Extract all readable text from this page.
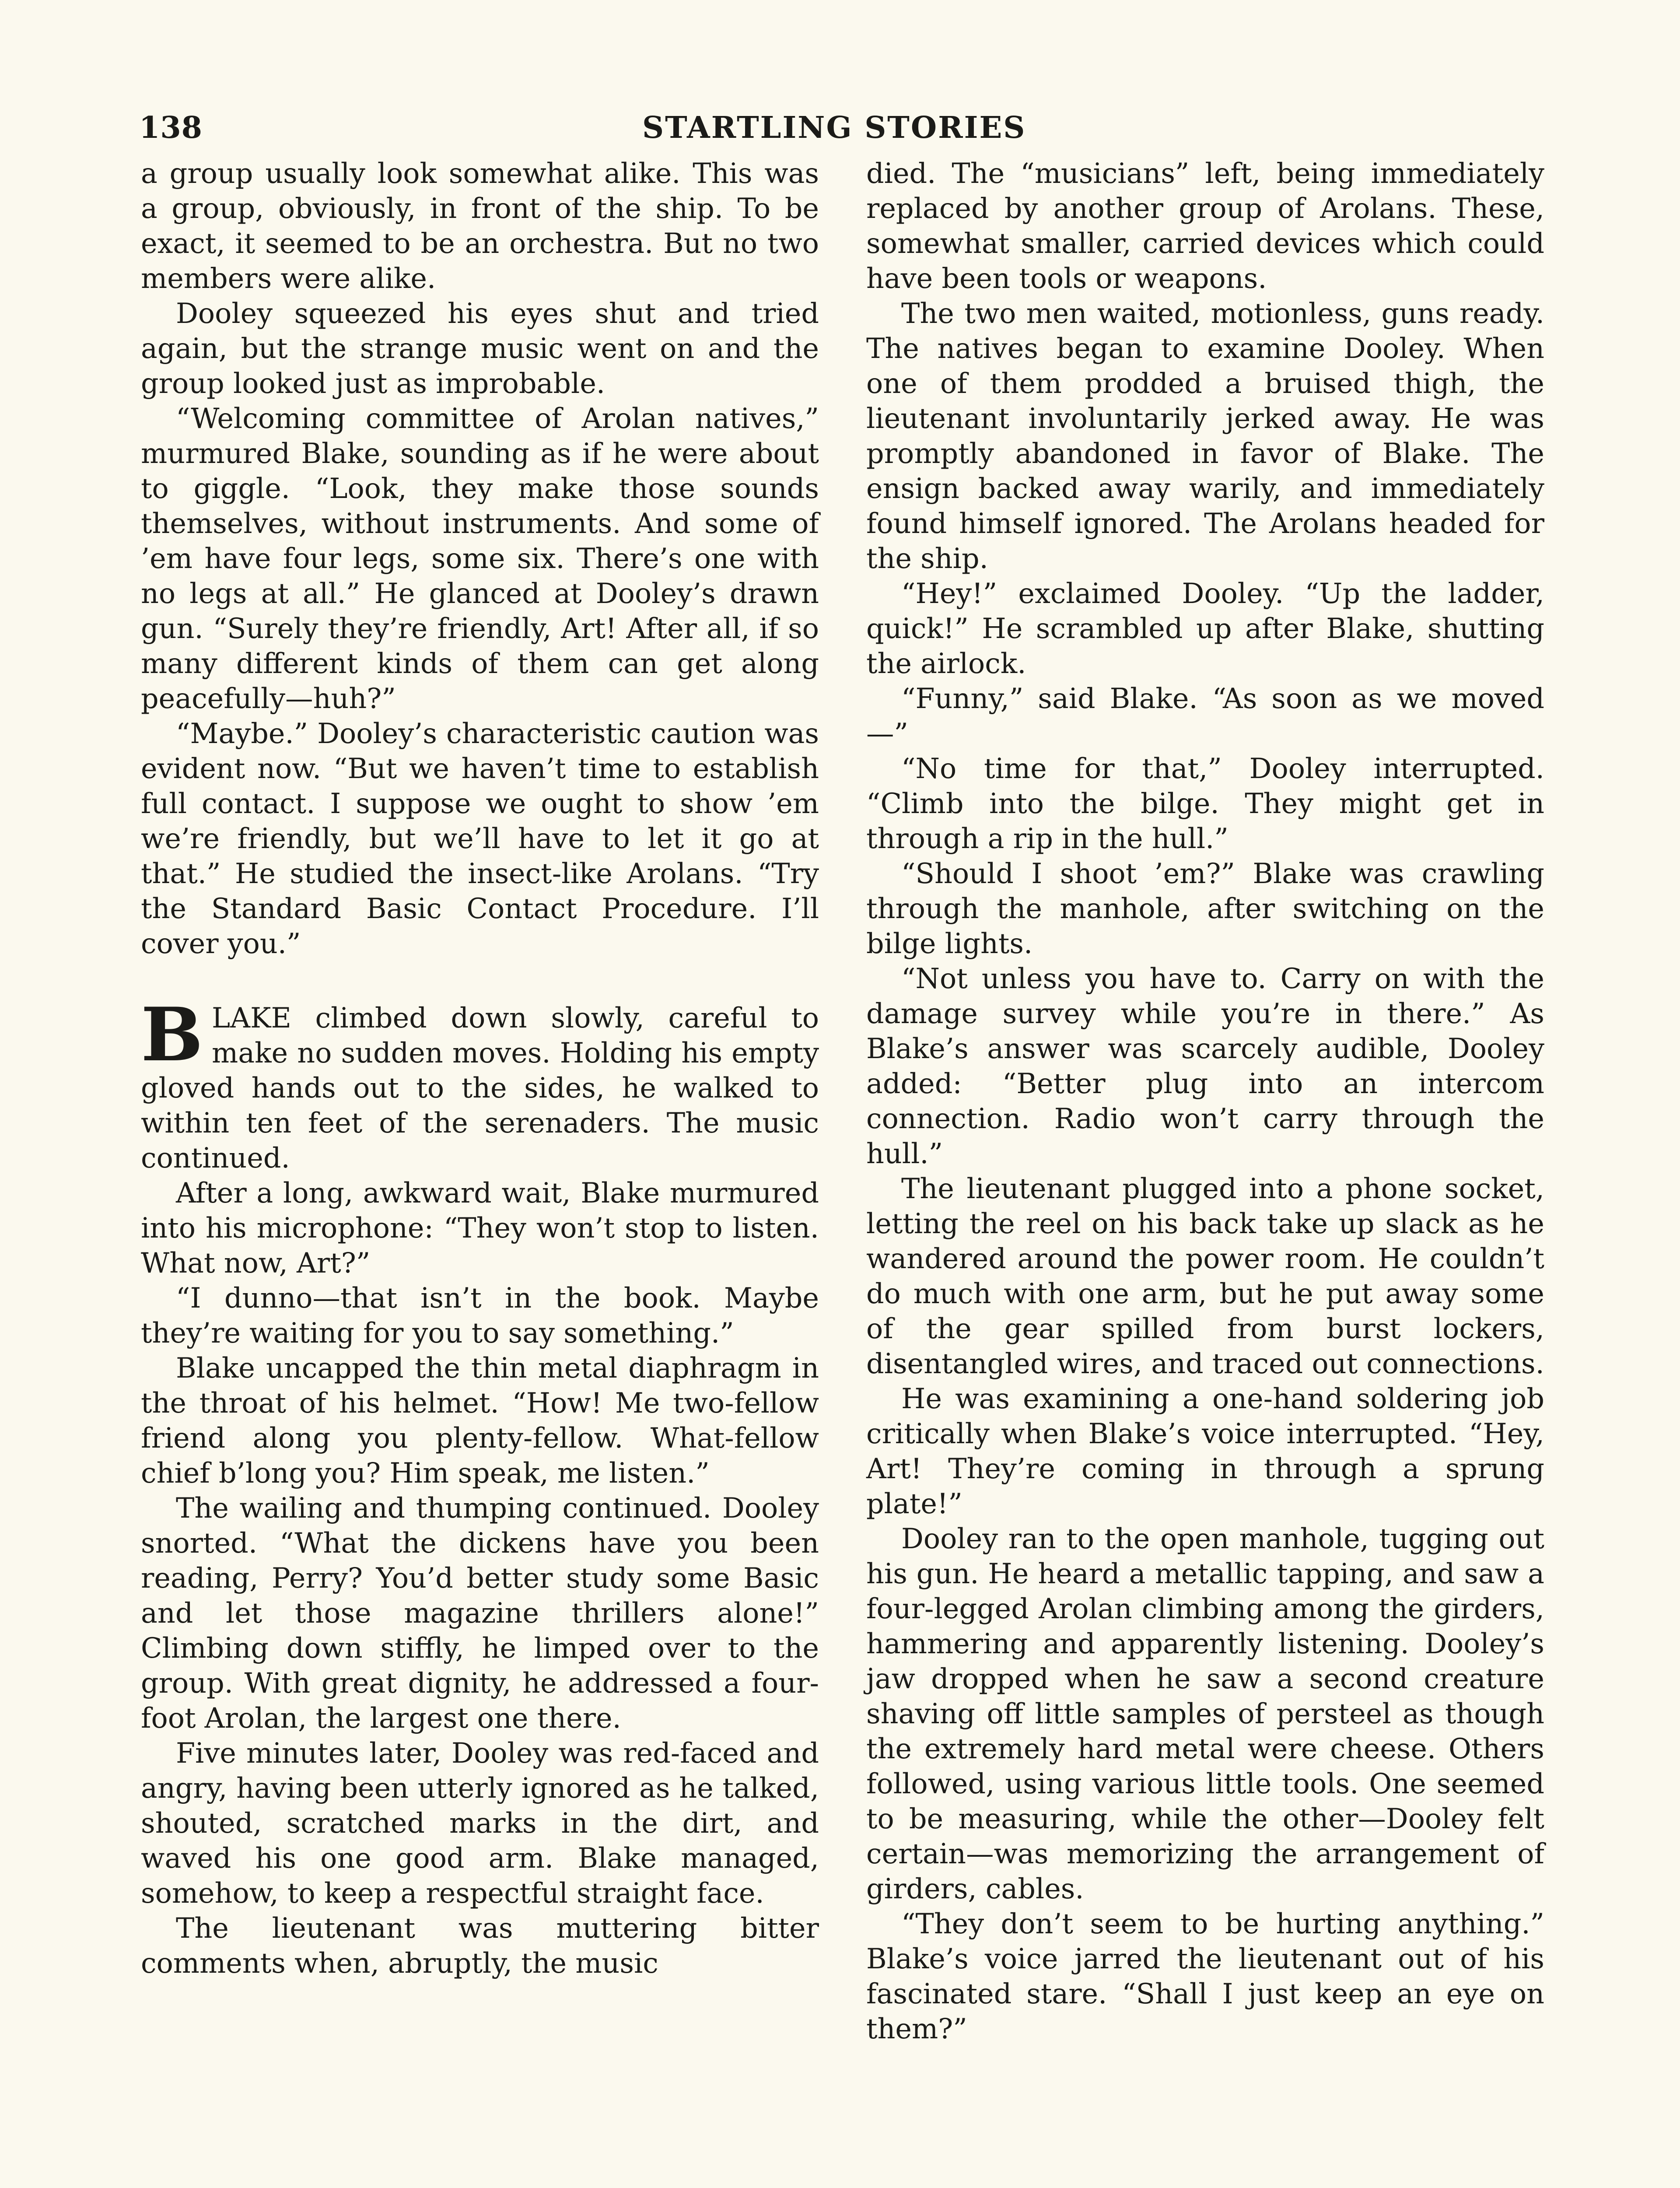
138	STARTLING STORIES

a group usually look somewhat alike. This was a group, obviously, in front of the ship. To be exact, it seemed to be an orchestra. But no two members were alike.

Dooley squeezed his eyes shut and tried again, but the strange music went on and the group looked just as improbable.

“Welcoming committee of Arolan natives,” murmured Blake, sounding as if he were about to giggle. “Look, they make those sounds themselves, without instruments. And some of ’em have four legs, some six. There’s one with no legs at all.” He glanced at Dooley’s drawn gun. “Surely they’re friendly, Art! After all, if so many different kinds of them can get along peacefully—huh?”

“Maybe.” Dooley’s characteristic caution was evident now. “But we haven’t time to establish full contact. I suppose we ought to show ’em we’re friendly, but we’ll have to let it go at that.” He studied the insect-like Arolans. “Try the Standard Basic Contact Procedure. I’ll cover you.”

BLAKE climbed down slowly, careful to make no sudden moves. Holding his empty gloved hands out to the sides, he walked to within ten feet of the serenaders. The music continued.

After a long, awkward wait, Blake murmured into his microphone: “They won’t stop to listen. What now, Art?”

“I dunno—that isn’t in the book. Maybe they’re waiting for you to say something.”

Blake uncapped the thin metal diaphragm in the throat of his helmet. “How! Me two-fellow friend along you plenty-fellow. What-fellow chief b’long you? Him speak, me listen.”

The wailing and thumping continued. Dooley snorted. “What the dickens have you been reading, Perry? You’d better study some Basic and let those magazine thrillers alone!” Climbing down stiffly, he limped over to the group. With great dignity, he addressed a four-foot Arolan, the largest one there.

Five minutes later, Dooley was red-faced and angry, having been utterly ignored as he talked, shouted, scratched marks in the dirt, and waved his one good arm. Blake managed, somehow, to keep a respectful straight face.

The lieutenant was muttering bitter comments when, abruptly, the music

died. The “musicians” left, being immediately replaced by another group of Arolans. These, somewhat smaller, carried devices which could have been tools or weapons.

The two men waited, motionless, guns ready. The natives began to examine Dooley. When one of them prodded a bruised thigh, the lieutenant involuntarily jerked away. He was promptly abandoned in favor of Blake. The ensign backed away warily, and immediately found himself ignored. The Arolans headed for the ship.

“Hey!” exclaimed Dooley. “Up the ladder, quick!” He scrambled up after Blake, shutting the airlock.

“Funny,” said Blake. “As soon as we moved—”

“No time for that,” Dooley interrupted. “Climb into the bilge. They might get in through a rip in the hull.”

“Should I shoot ’em?” Blake was crawling through the manhole, after switching on the bilge lights.

“Not unless you have to. Carry on with the damage survey while you’re in there.” As Blake’s answer was scarcely audible, Dooley added: “Better plug into an intercom connection. Radio won’t carry through the hull.”

The lieutenant plugged into a phone socket, letting the reel on his back take up slack as he wandered around the power room. He couldn’t do much with one arm, but he put away some of the gear spilled from burst lockers, disentangled wires, and traced out connections.

He was examining a one-hand soldering job critically when Blake’s voice interrupted. “Hey, Art! They’re coming in through a sprung plate!”

Dooley ran to the open manhole, tugging out his gun. He heard a metallic tapping, and saw a four-legged Arolan climbing among the girders, hammering and apparently listening. Dooley’s jaw dropped when he saw a second creature shaving off little samples of persteel as though the extremely hard metal were cheese. Others followed, using various little tools. One seemed to be measuring, while the other—Dooley felt certain—was memorizing the arrangement of girders, cables.

“They don’t seem to be hurting anything.” Blake’s voice jarred the lieutenant out of his fascinated stare. “Shall I just keep an eye on them?”
